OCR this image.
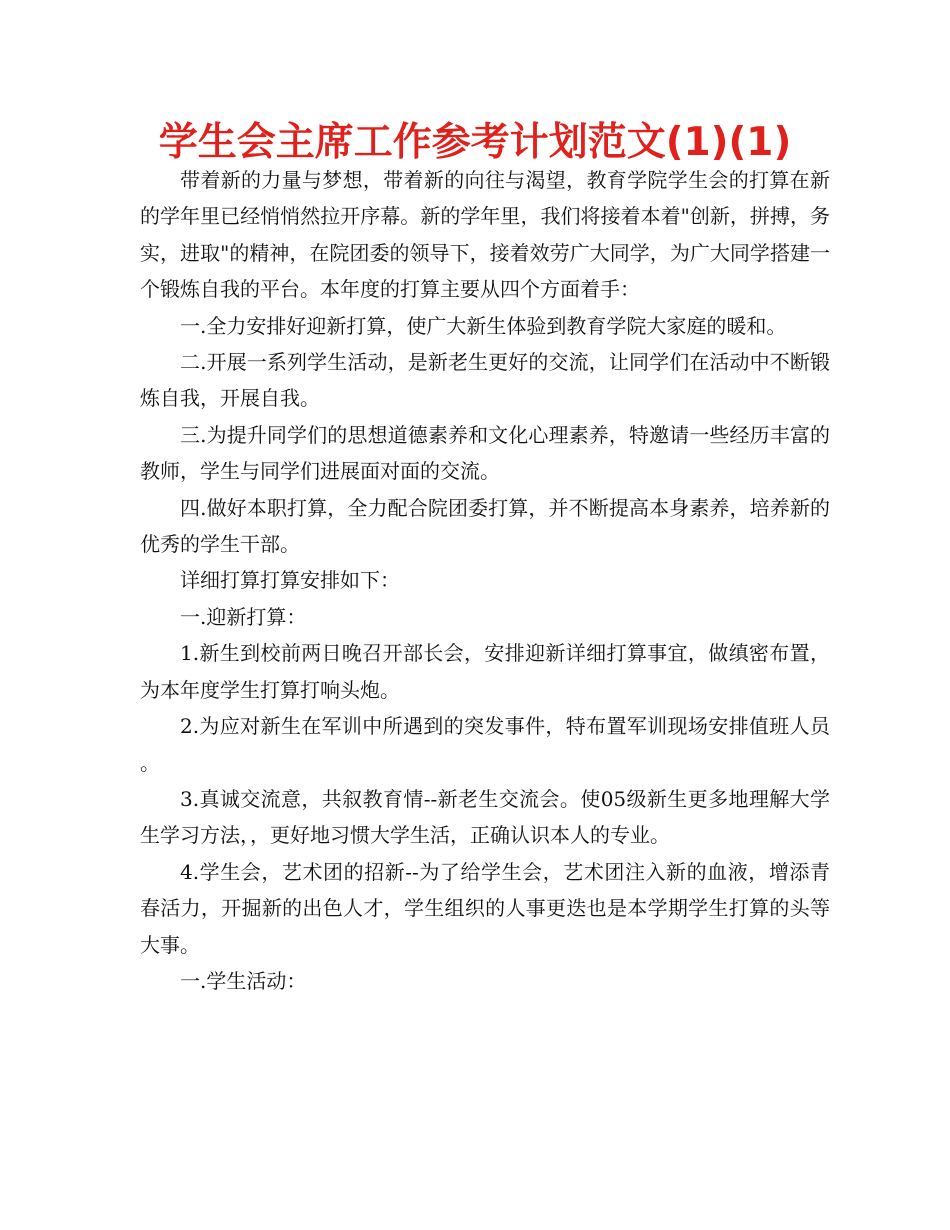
学生会主席工作参考计划范文(1)(1)

带着新的力量与梦想，带着新的向往与渴望，教育学院学生会的打算在新的学年里已经悄悄然拉开序幕。新的学年里，我们将接着本着"创新，拼搏，务实，进取"的精神，在院团委的领导下，接着效劳广大同学，为广大同学搭建一个锻炼自我的平台。本年度的打算主要从四个方面着手：

一.全力安排好迎新打算，使广大新生体验到教育学院大家庭的暖和。

二.开展一系列学生活动，是新老生更好的交流，让同学们在活动中不断锻炼自我，开展自我。

三.为提升同学们的思想道德素养和文化心理素养，特邀请一些经历丰富的教师，学生与同学们进展面对面的交流。

四.做好本职打算，全力配合院团委打算，并不断提高本身素养，培养新的优秀的学生干部。

详细打算打算安排如下：

一.迎新打算：

1.新生到校前两日晚召开部长会，安排迎新详细打算事宜，做缜密布置，为本年度学生打算打响头炮。

2.为应对新生在军训中所遇到的突发事件，特布置军训现场安排值班人员。

3.真诚交流意，共叙教育情--新老生交流会。使05级新生更多地理解大学生学习方法，，更好地习惯大学生活，正确认识本人的专业。

4.学生会，艺术团的招新--为了给学生会，艺术团注入新的血液，增添青春活力，开掘新的出色人才，学生组织的人事更迭也是本学期学生打算的头等大事。

一.学生活动：
